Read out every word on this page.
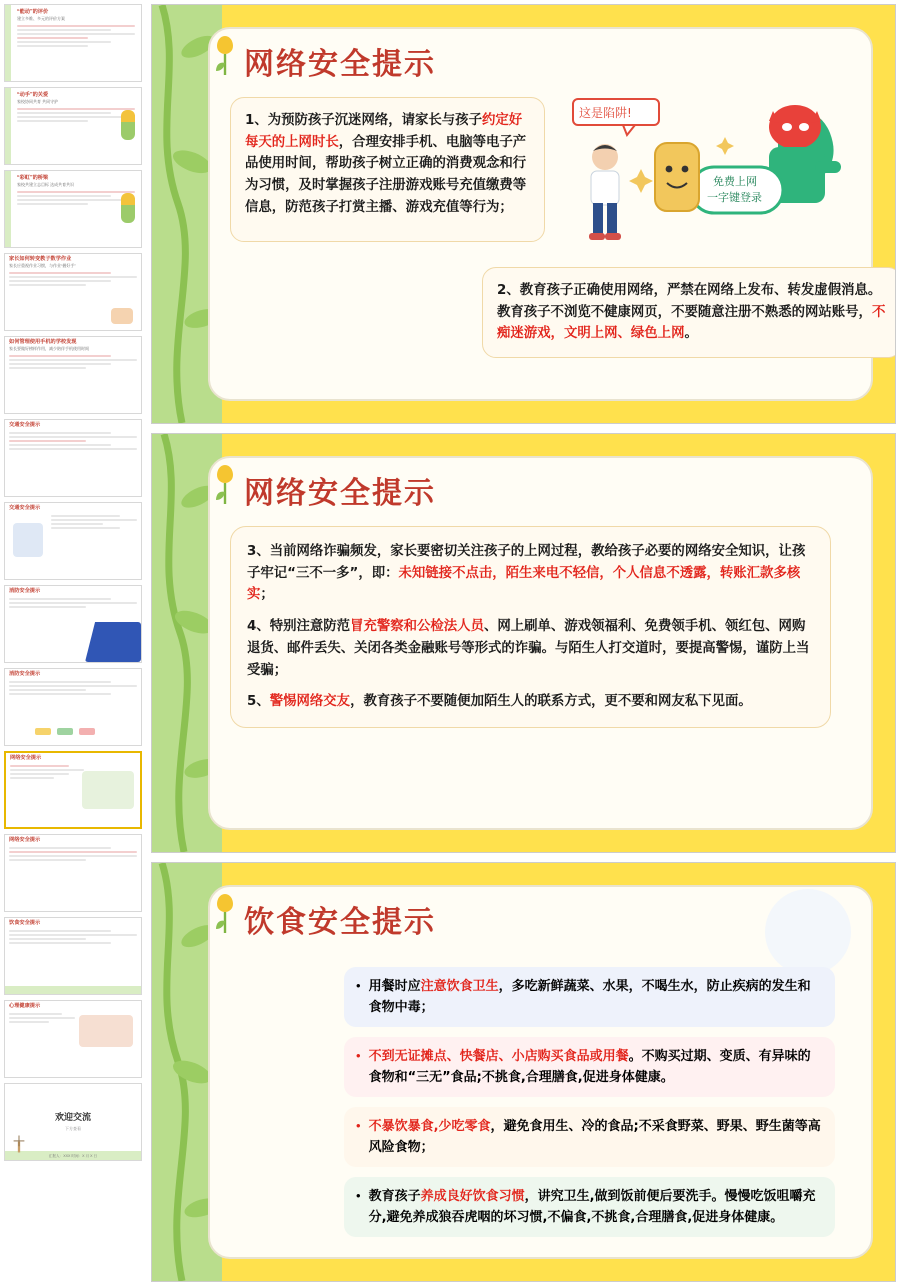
“能动”的评价
建立多维、多元的评价方案
“动手”的关爱
家校协同共育 共同守护
“彩虹”的桥梁
家校共建立志目标 达成共育共识
家长如何转变教子数学作业
家长应重视作业习惯，与作业“握好手”
如何管理使用手机的学校发现
家长要做好榜样作用，减少陪伴手机使用时间
交通安全提示
交通安全提示
消防安全提示
消防安全提示
网络安全提示
网络安全提示
饮食安全提示
心理健康提示
欢迎交流
下方查看
汇报人：XXX 时间：X 月 X 日
网络安全提示

1、为预防孩子沉迷网络，请家长与孩子约定好每天的上网时长，合理安排手机、电脑等电子产品使用时间，帮助孩子树立正确的消费观念和行为习惯，及时掌握孩子注册游戏账号充值缴费等信息，防范孩子打赏主播、游戏充值等行为；

这是陷阱!
免费上网
一字键登录

2、教育孩子正确使用网络，严禁在网络上发布、转发虚假消息。教育孩子不浏览不健康网页，不要随意注册不熟悉的网站账号，不痴迷游戏，文明上网、绿色上网。

网络安全提示

3、当前网络诈骗频发，家长要密切关注孩子的上网过程，教给孩子必要的网络安全知识，让孩子牢记“三不一多”，即：未知链接不点击，陌生来电不轻信，个人信息不透露，转账汇款多核实；

4、特别注意防范冒充警察和公检法人员、网上刷单、游戏领福利、免费领手机、领红包、网购退货、邮件丢失、关闭各类金融账号等形式的诈骗。与陌生人打交道时，要提高警惕，谨防上当受骗；

5、警惕网络交友，教育孩子不要随便加陌生人的联系方式，更不要和网友私下见面。

饮食安全提示
• 用餐时应注意饮食卫生，多吃新鲜蔬菜、水果，不喝生水，防止疾病的发生和食物中毒；
• 不到无证摊点、快餐店、小店购买食品或用餐。不购买过期、变质、有异味的食物和“三无”食品;不挑食,合理膳食,促进身体健康。
• 不暴饮暴食,少吃零食，避免食用生、冷的食品;不采食野菜、野果、野生菌等高风险食物；
• 教育孩子养成良好饮食习惯，讲究卫生,做到饭前便后要洗手。慢慢吃饭咀嚼充分,避免养成狼吞虎咽的坏习惯,不偏食,不挑食,合理膳食,促进身体健康。
